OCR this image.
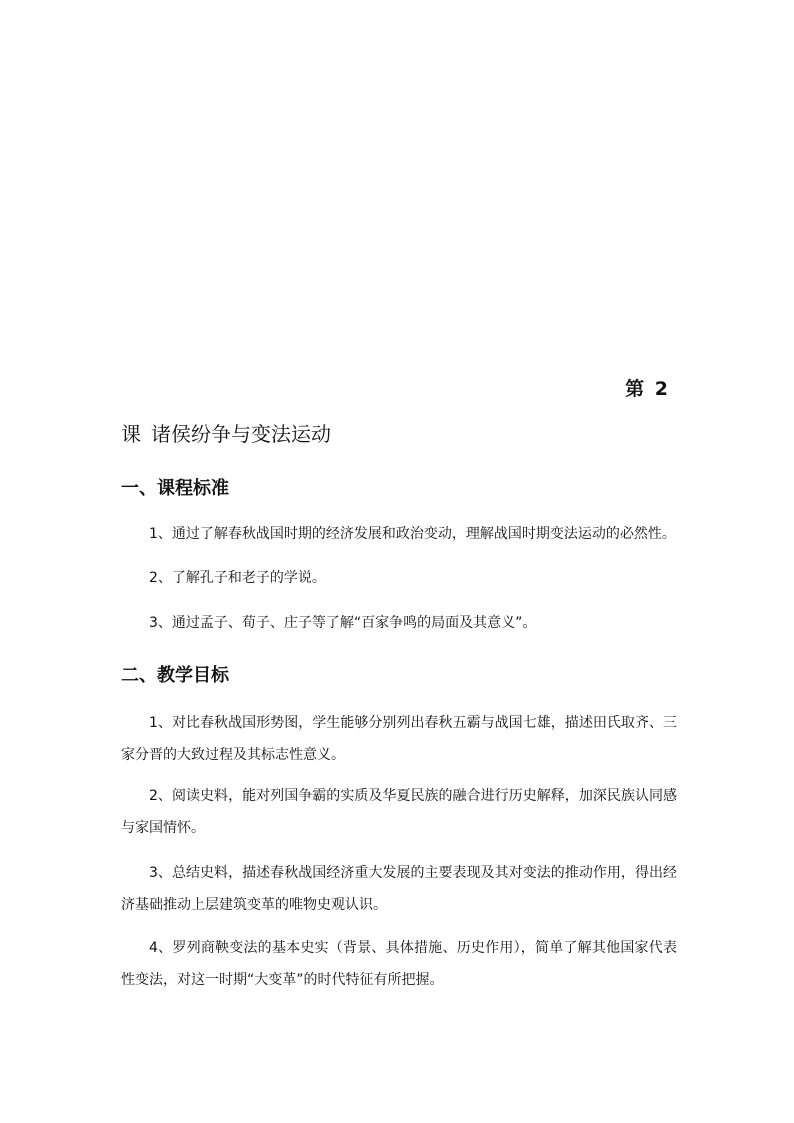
第 2
课 诸侯纷争与变法运动
一、课程标准
1、通过了解春秋战国时期的经济发展和政治变动，理解战国时期变法运动的必然性。
2、了解孔子和老子的学说。
3、通过孟子、荀子、庄子等了解“百家争鸣的局面及其意义”。
二、教学目标
1、对比春秋战国形势图，学生能够分别列出春秋五霸与战国七雄，描述田氏取齐、三家分晋的大致过程及其标志性意义。
2、阅读史料，能对列国争霸的实质及华夏民族的融合进行历史解释，加深民族认同感与家国情怀。
3、总结史料，描述春秋战国经济重大发展的主要表现及其对变法的推动作用，得出经济基础推动上层建筑变革的唯物史观认识。
4、罗列商鞅变法的基本史实（背景、具体措施、历史作用），简单了解其他国家代表性变法，对这一时期“大变革”的时代特征有所把握。
